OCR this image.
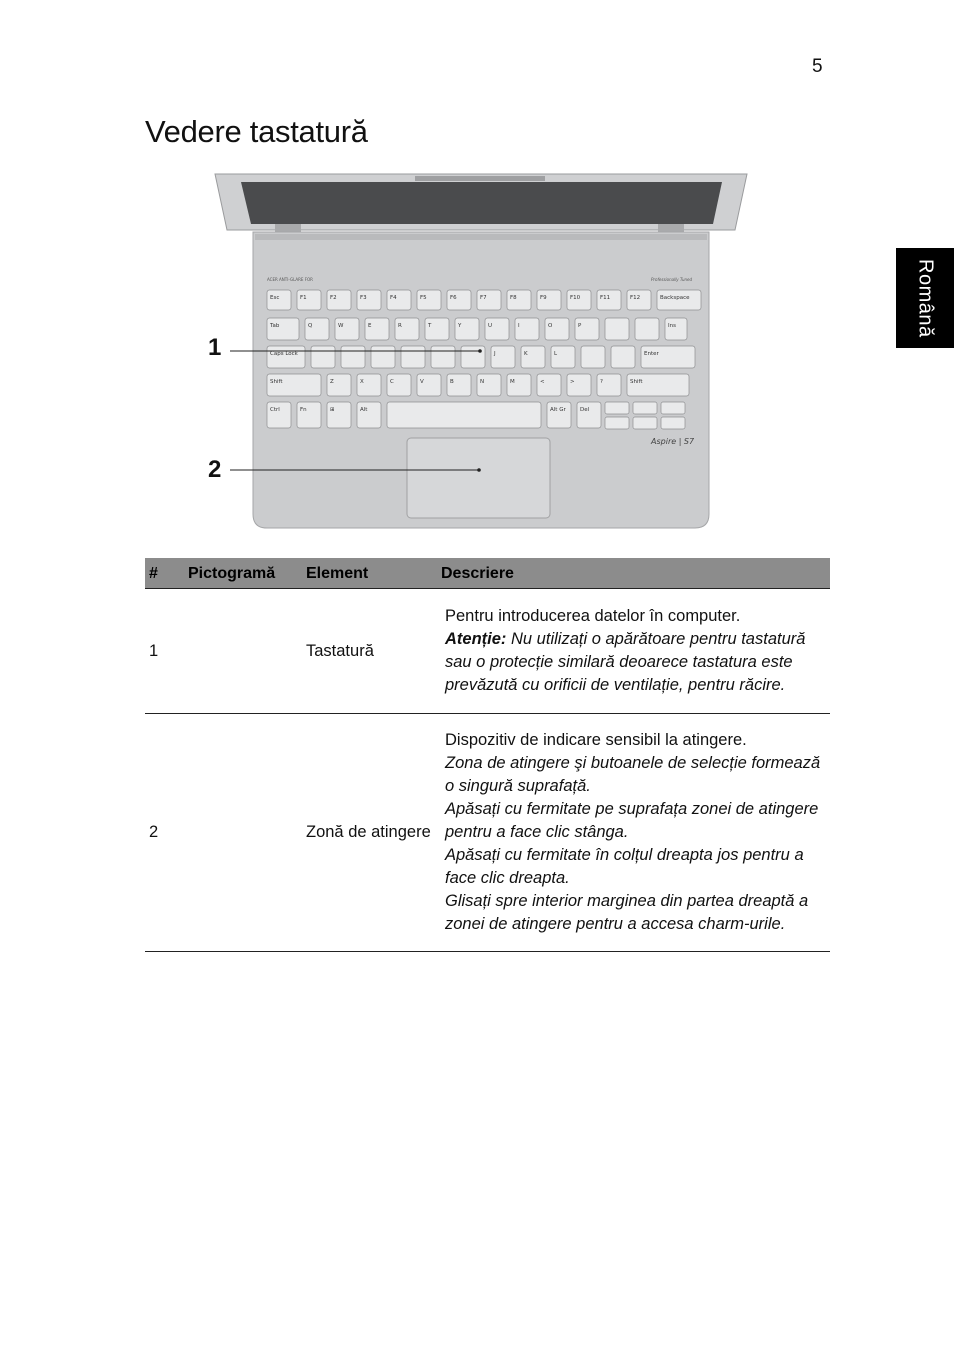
5
Vedere tastatură
Română
ACER ANTI-GLARE FOR	Professionally Tuned
Aspire | S7
Esc	F1	F2	F3	F4	F5	F6	F7	F8	F9	F10	F11	F12	Backspace
Tab	Q	W	E	R	T	Y	U	I	O	P	Ins
Caps Lock	J	K	L	Enter
Shift	Z	X	C	V	B	N	M	<	>	?	Shift
Ctrl	Fn	⊞	Alt	Alt Gr	Del
1
2
#	Pictogramă	Element	Descriere
1		Tastatură	Pentru introducerea datelor în computer.

Atenție: Nu utilizați o apărătoare pentru tastatură sau o protecție similară deoarece tastatura este prevăzută cu orificii de ventilație, pentru răcire.

2		Zonă de atingere	Dispozitiv de indicare sensibil la atingere.

Zona de atingere şi butoanele de selecție formează o singură suprafață.

Apăsați cu fermitate pe suprafața zonei de atingere pentru a face clic stânga.

Apăsați cu fermitate în colțul dreapta jos pentru a face clic dreapta.

Glisați spre interior marginea din partea dreaptă a zonei de atingere pentru a accesa charm-urile.
